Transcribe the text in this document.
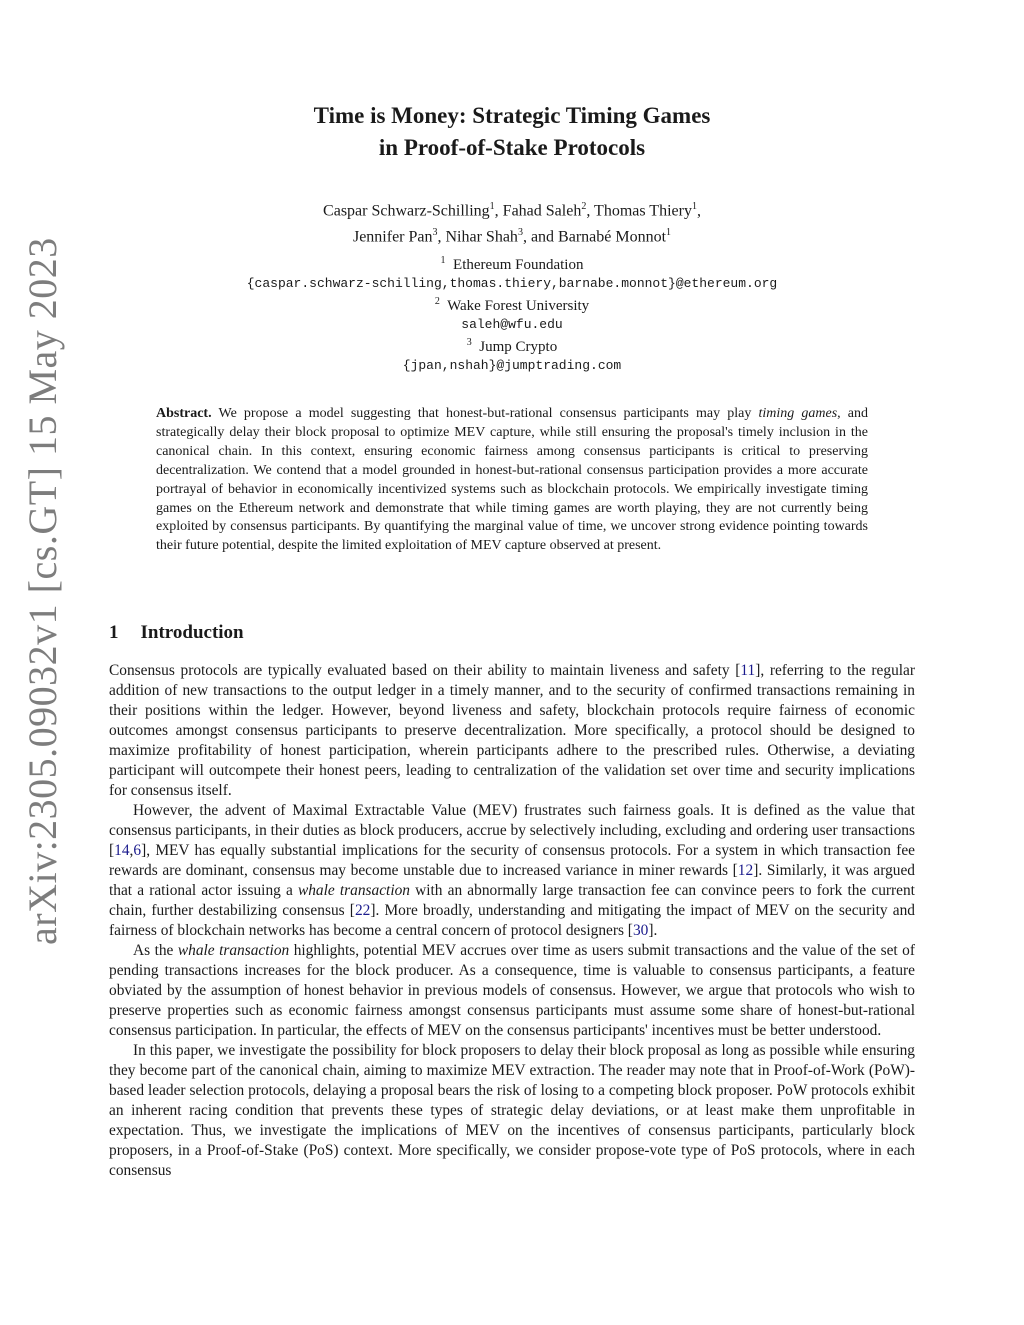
arXiv:2305.09032v1 [cs.GT] 15 May 2023
Time is Money: Strategic Timing Games
in Proof-of-Stake Protocols
Caspar Schwarz-Schilling$^1$, Fahad Saleh$^2$, Thomas Thiery$^1$,
Jennifer Pan$^3$, Nihar Shah$^3$, and Barnabé Monnot$^1$
$^1$ Ethereum Foundation
{caspar.schwarz-schilling,thomas.thiery,barnabe.monnot}@ethereum.org
$^2$ Wake Forest University
saleh@wfu.edu
$^3$ Jump Crypto
{jpan,nshah}@jumptrading.com
Abstract. We propose a model suggesting that honest-but-rational consensus participants may play timing games, and strategically delay their block proposal to optimize MEV capture, while still ensuring the proposal's timely inclusion in the canonical chain. In this context, ensuring economic fairness among consensus participants is critical to preserving decentralization. We contend that a model grounded in honest-but-rational consensus participation provides a more accurate portrayal of behavior in economically incentivized systems such as blockchain protocols. We empirically investigate timing games on the Ethereum network and demonstrate that while timing games are worth playing, they are not currently being exploited by consensus participants. By quantifying the marginal value of time, we uncover strong evidence pointing towards their future potential, despite the limited exploitation of MEV capture observed at present.
1 Introduction

Consensus protocols are typically evaluated based on their ability to maintain liveness and safety [11], referring to the regular addition of new transactions to the output ledger in a timely manner, and to the security of confirmed transactions remaining in their positions within the ledger. However, beyond liveness and safety, blockchain protocols require fairness of economic outcomes amongst consensus participants to preserve decentralization. More specifically, a protocol should be designed to maximize profitability of honest participation, wherein participants adhere to the prescribed rules. Otherwise, a deviating participant will outcompete their honest peers, leading to centralization of the validation set over time and security implications for consensus itself.

However, the advent of Maximal Extractable Value (MEV) frustrates such fairness goals. It is defined as the value that consensus participants, in their duties as block producers, accrue by selectively including, excluding and ordering user transactions [14,6], MEV has equally substantial implications for the security of consensus protocols. For a system in which transaction fee rewards are dominant, consensus may become unstable due to increased variance in miner rewards [12]. Similarly, it was argued that a rational actor issuing a whale transaction with an abnormally large transaction fee can convince peers to fork the current chain, further destabilizing consensus [22]. More broadly, understanding and mitigating the impact of MEV on the security and fairness of blockchain networks has become a central concern of protocol designers [30].

As the whale transaction highlights, potential MEV accrues over time as users submit transactions and the value of the set of pending transactions increases for the block producer. As a consequence, time is valuable to consensus participants, a feature obviated by the assumption of honest behavior in previous models of consensus. However, we argue that protocols who wish to preserve properties such as economic fairness amongst consensus participants must assume some share of honest-but-rational consensus participation. In particular, the effects of MEV on the consensus participants' incentives must be better understood.

In this paper, we investigate the possibility for block proposers to delay their block proposal as long as possible while ensuring they become part of the canonical chain, aiming to maximize MEV extraction. The reader may note that in Proof-of-Work (PoW)-based leader selection protocols, delaying a proposal bears the risk of losing to a competing block proposer. PoW protocols exhibit an inherent racing condition that prevents these types of strategic delay deviations, or at least make them unprofitable in expectation. Thus, we investigate the implications of MEV on the incentives of consensus participants, particularly block proposers, in a Proof-of-Stake (PoS) context. More specifically, we consider propose-vote type of PoS protocols, where in each consensus
